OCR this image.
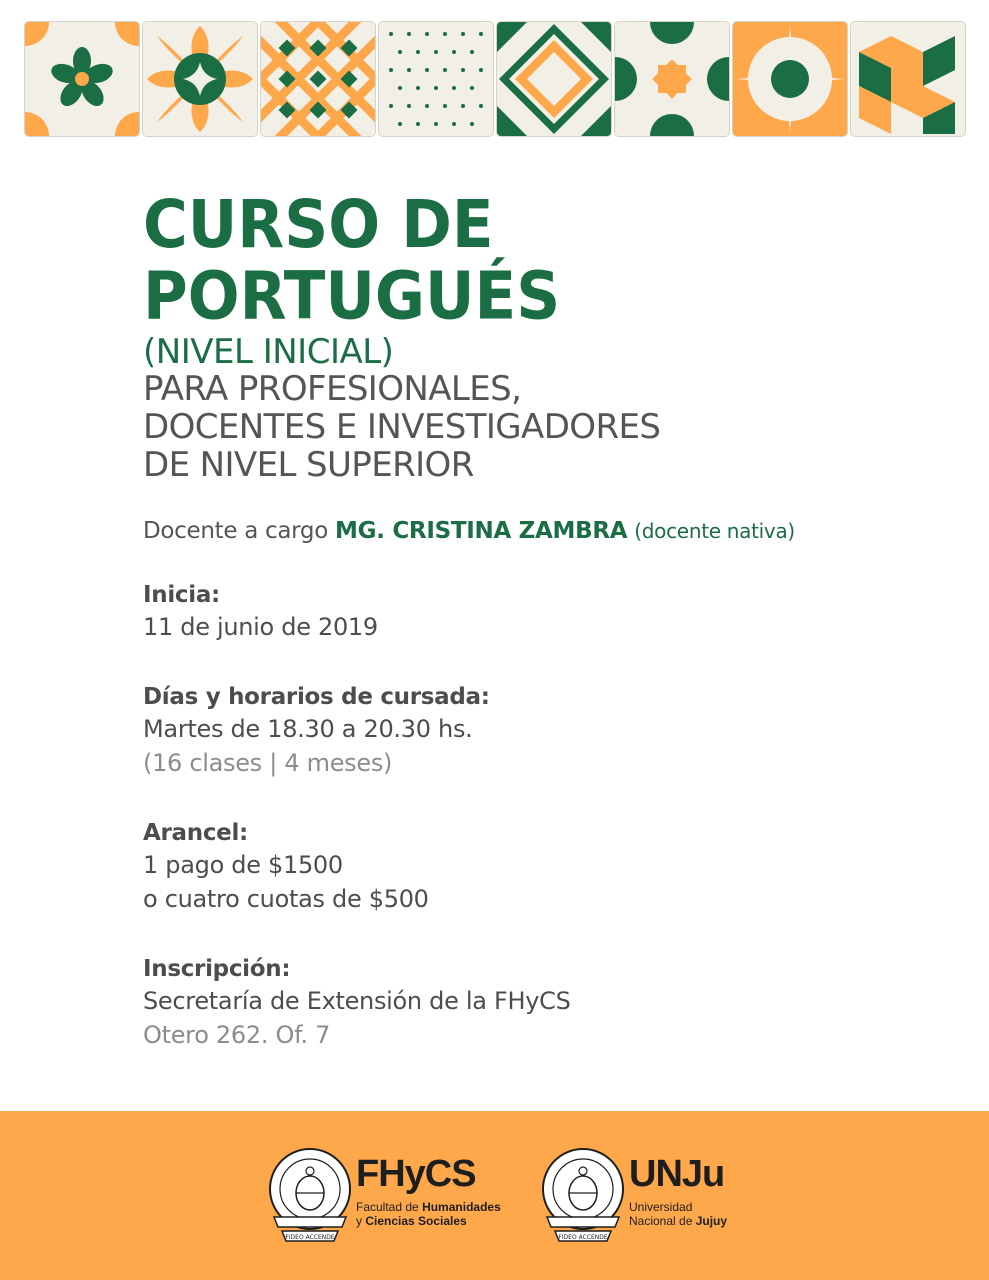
CURSO DE
PORTUGUÉS
(NIVEL INICIAL)
PARA PROFESIONALES,
DOCENTES E INVESTIGADORES
DE NIVEL SUPERIOR
Docente a cargo MG. CRISTINA ZAMBRA (docente nativa)
Inicia:
11 de junio de 2019
Días y horarios de cursada:
Martes de 18.30 a 20.30 hs.
(16 clases | 4 meses)
Arancel:
1 pago de $1500
o cuatro cuotas de $500
Inscripción:
Secretaría de Extensión de la FHyCS
Otero 262. Of. 7
FIDEO ACCENDE
FHyCS
Facultad de Humanidades
y Ciencias Sociales
FIDEO ACCENDE
UNJu
Universidad
Nacional de Jujuy
